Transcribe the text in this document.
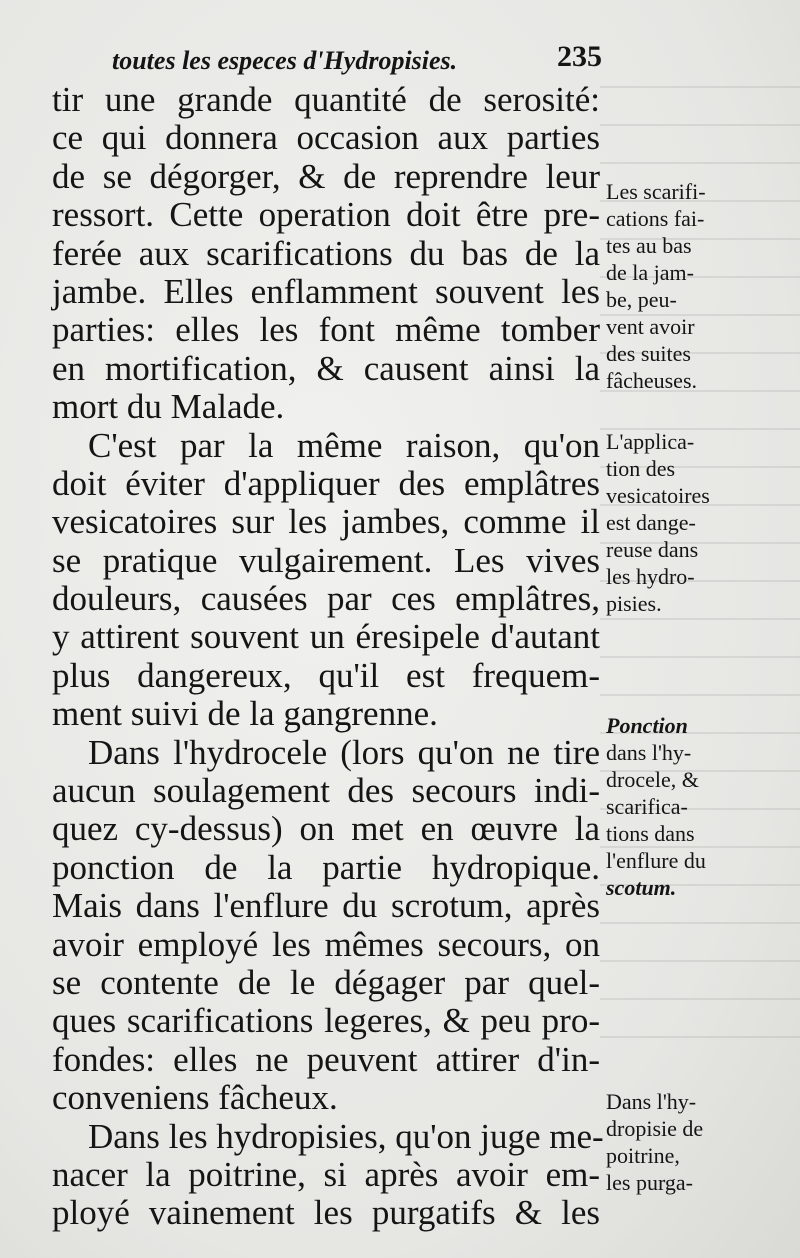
toutes les especes d'Hydropisies.	235
tir une grande quantité de serosité:
ce qui donnera occasion aux parties
de se dégorger, & de reprendre leur
ressort. Cette operation doit être pre-
ferée aux scarifications du bas de la
jambe. Elles enflamment souvent les
parties: elles les font même tomber
en mortification, & causent ainsi la
mort du Malade.
C'est par la même raison, qu'on
doit éviter d'appliquer des emplâtres
vesicatoires sur les jambes, comme il
se pratique vulgairement. Les vives
douleurs, causées par ces emplâtres,
y attirent souvent un éresipele d'autant
plus dangereux, qu'il est frequem-
ment suivi de la gangrenne.
Dans l'hydrocele (lors qu'on ne tire
aucun soulagement des secours indi-
quez cy-dessus) on met en œuvre la
ponction de la partie hydropique.
Mais dans l'enflure du scrotum, après
avoir employé les mêmes secours, on
se contente de le dégager par quel-
ques scarifications legeres, & peu pro-
fondes: elles ne peuvent attirer d'in-
conveniens fâcheux.
Dans les hydropisies, qu'on juge me-
nacer la poitrine, si après avoir em-
ployé vainement les purgatifs & les
Les scarifi-
cations fai-
tes au bas
de la jam-
be, peu-
vent avoir
des suites
fâcheuses.
L'applica-
tion des
vesicatoires
est dange-
reuse dans
les hydro-
pisies.
Ponction
dans l'hy-
drocele, &
scarifica-
tions dans
l'enflure du
scotum.
Dans l'hy-
dropisie de
poitrine,
les purga-
